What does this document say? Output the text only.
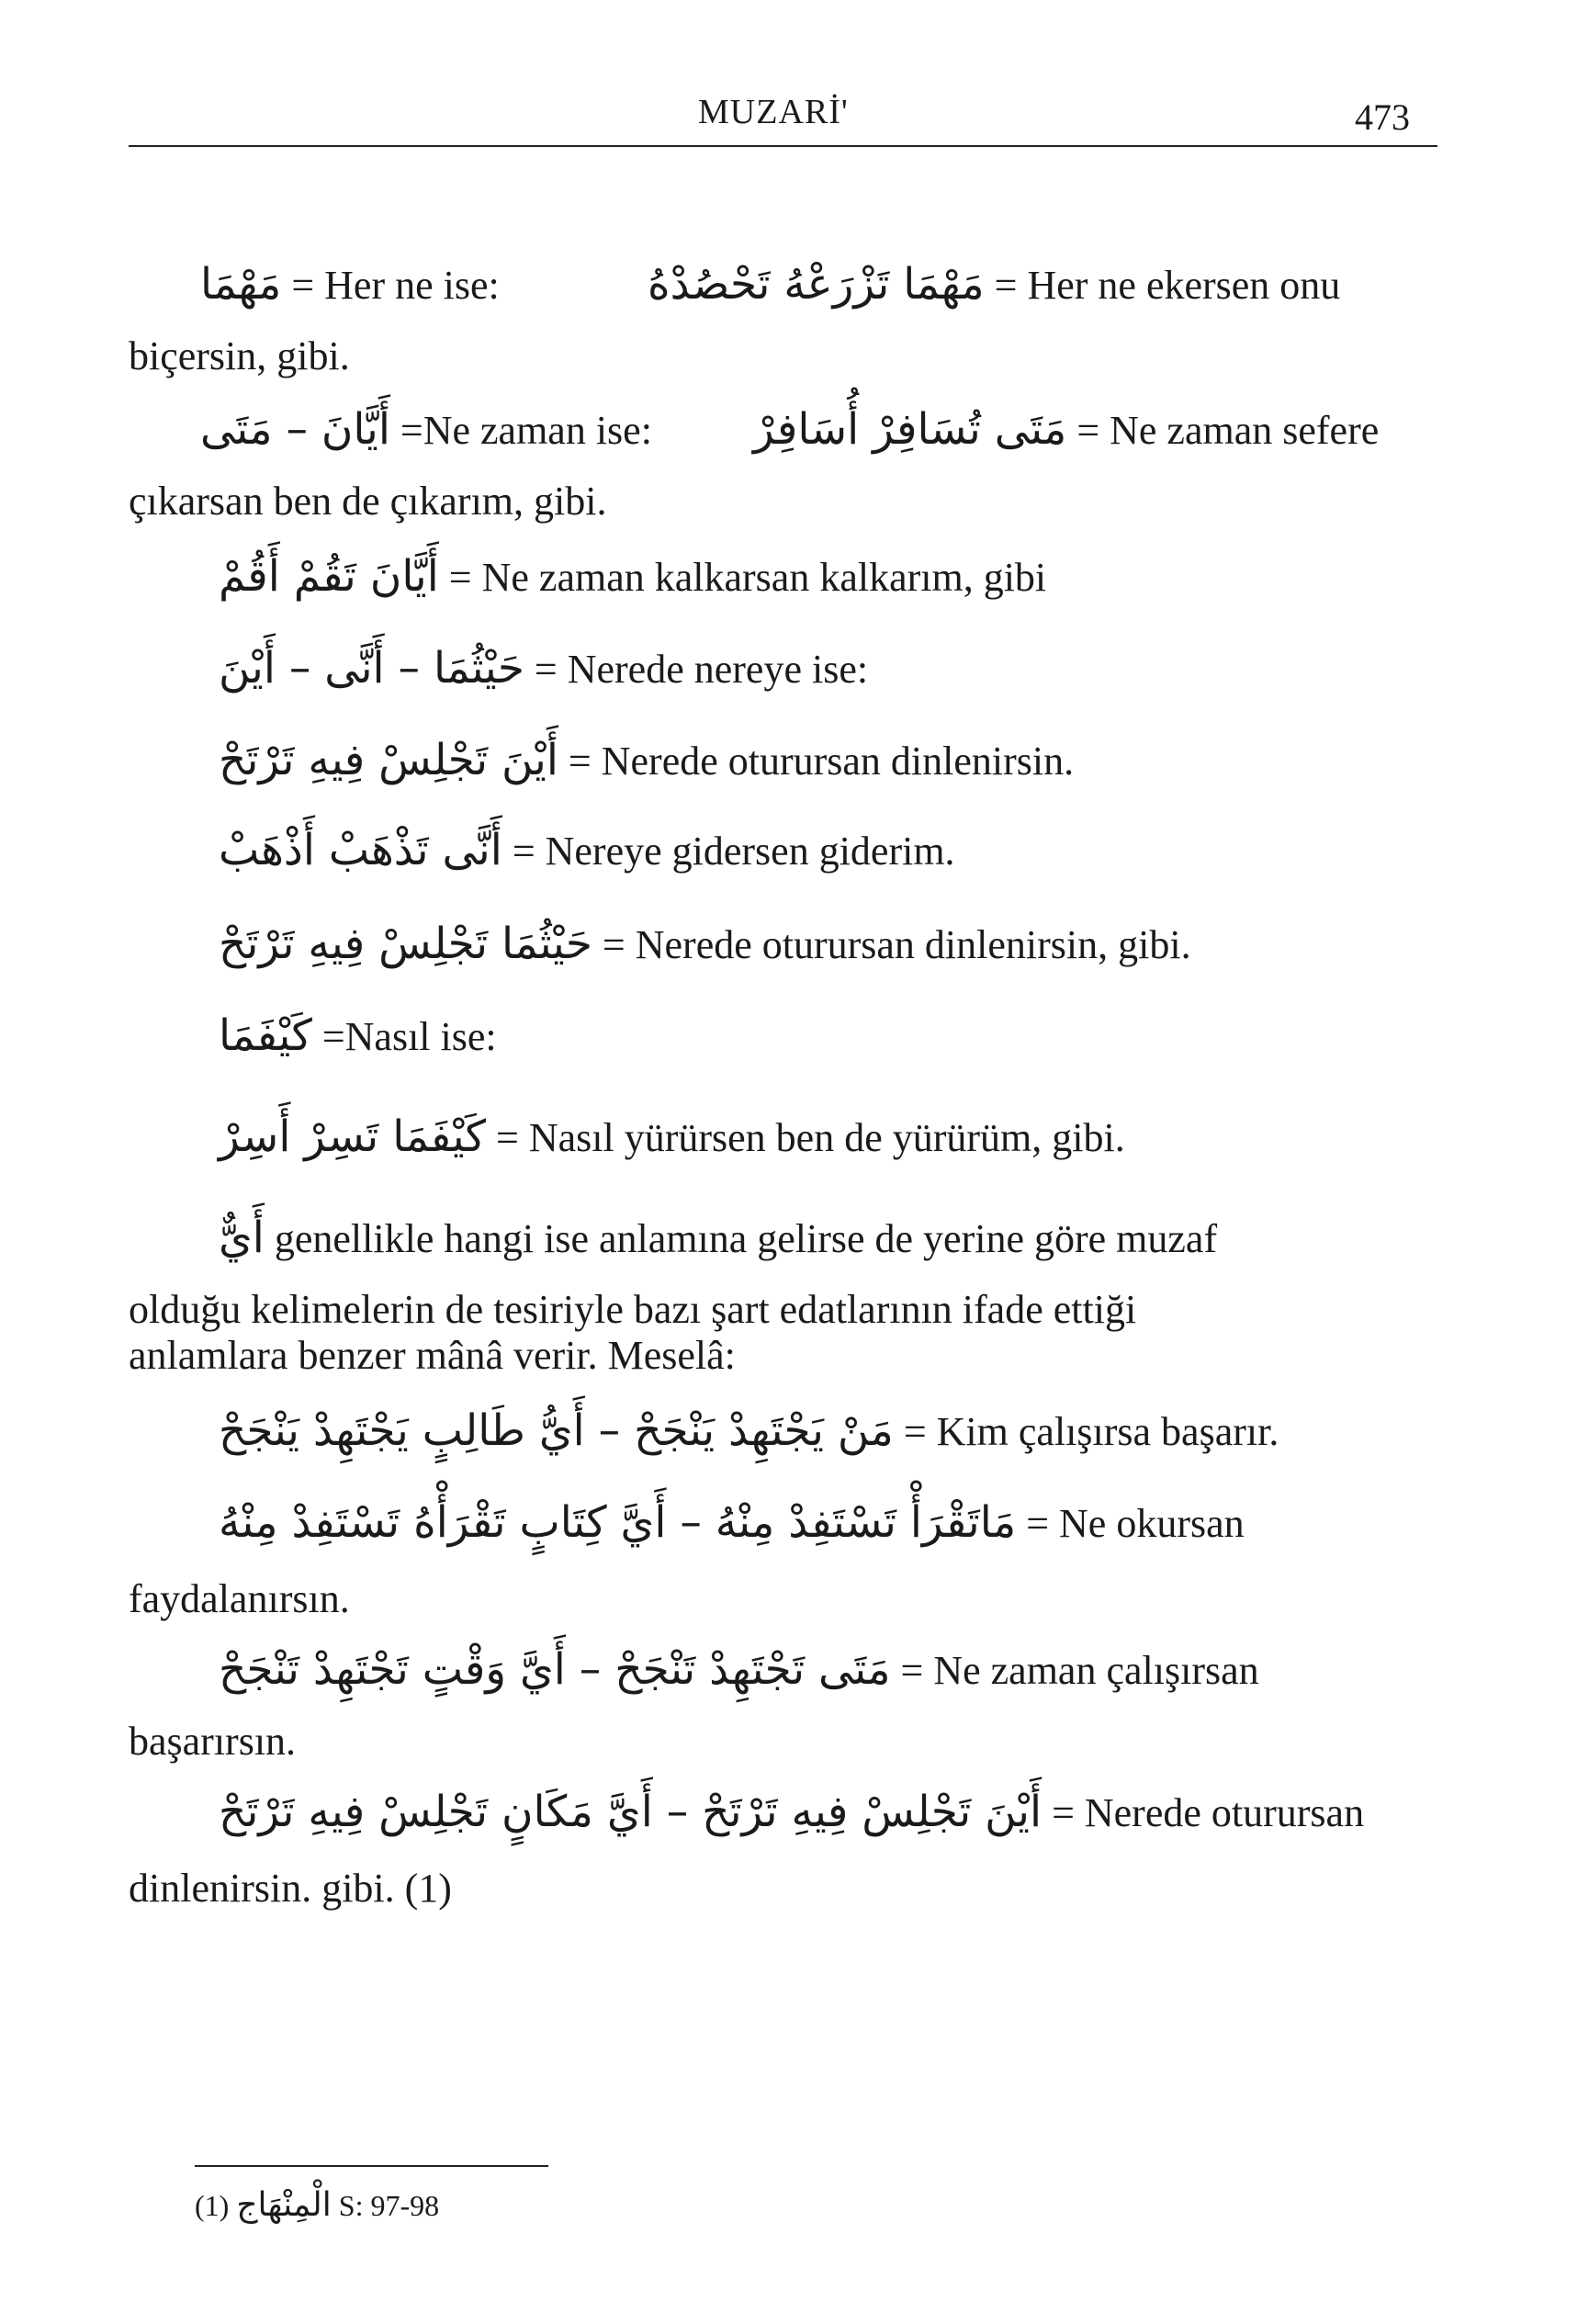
MUZARİ'	473
مَهْمَا = Her ne ise:	مَهْمَا تَزْرَعْهُ تَحْصُدْهُ = Her ne ekersen onu
biçersin, gibi.
أَيَّانَ – مَتَى =Ne zaman ise: مَتَى تُسَافِرْ أُسَافِرْ = Ne zaman sefere
çıkarsan ben de çıkarım, gibi.
أَيَّانَ تَقُمْ أَقُمْ = Ne zaman kalkarsan kalkarım, gibi
حَيْثُمَا – أَنَّى – أَيْنَ = Nerede nereye ise:
أَيْنَ تَجْلِسْ فِيهِ تَرْتَحْ = Nerede oturursan dinlenirsin.
أَنَّى تَذْهَبْ أَذْهَبْ = Nereye gidersen giderim.
حَيْثُمَا تَجْلِسْ فِيهِ تَرْتَحْ = Nerede oturursan dinlenirsin, gibi.
كَيْفَمَا =Nasıl ise:
كَيْفَمَا تَسِرْ أَسِرْ = Nasıl yürürsen ben de yürürüm, gibi.
أَيٌّ genellikle hangi ise anlamına gelirse de yerine göre muzaf
olduğu kelimelerin de tesiriyle bazı şart edatlarının ifade ettiği
anlamlara benzer mânâ verir. Meselâ:
مَنْ يَجْتَهِدْ يَنْجَحْ – أَيُّ طَالِبٍ يَجْتَهِدْ يَنْجَحْ = Kim çalışırsa başarır.
مَاتَقْرَأْ تَسْتَفِدْ مِنْهُ – أَيَّ كِتَابٍ تَقْرَأْهُ تَسْتَفِدْ مِنْهُ = Ne okursan
faydalanırsın.
مَتَى تَجْتَهِدْ تَنْجَحْ – أَيَّ وَقْتٍ تَجْتَهِدْ تَنْجَحْ = Ne zaman çalışırsan
başarırsın.
أَيْنَ تَجْلِسْ فِيهِ تَرْتَحْ – أَيَّ مَكَانٍ تَجْلِسْ فِيهِ تَرْتَحْ = Nerede oturursan
dinlenirsin. gibi. (1)
(1) الْمِنْهَاج S: 97-98
